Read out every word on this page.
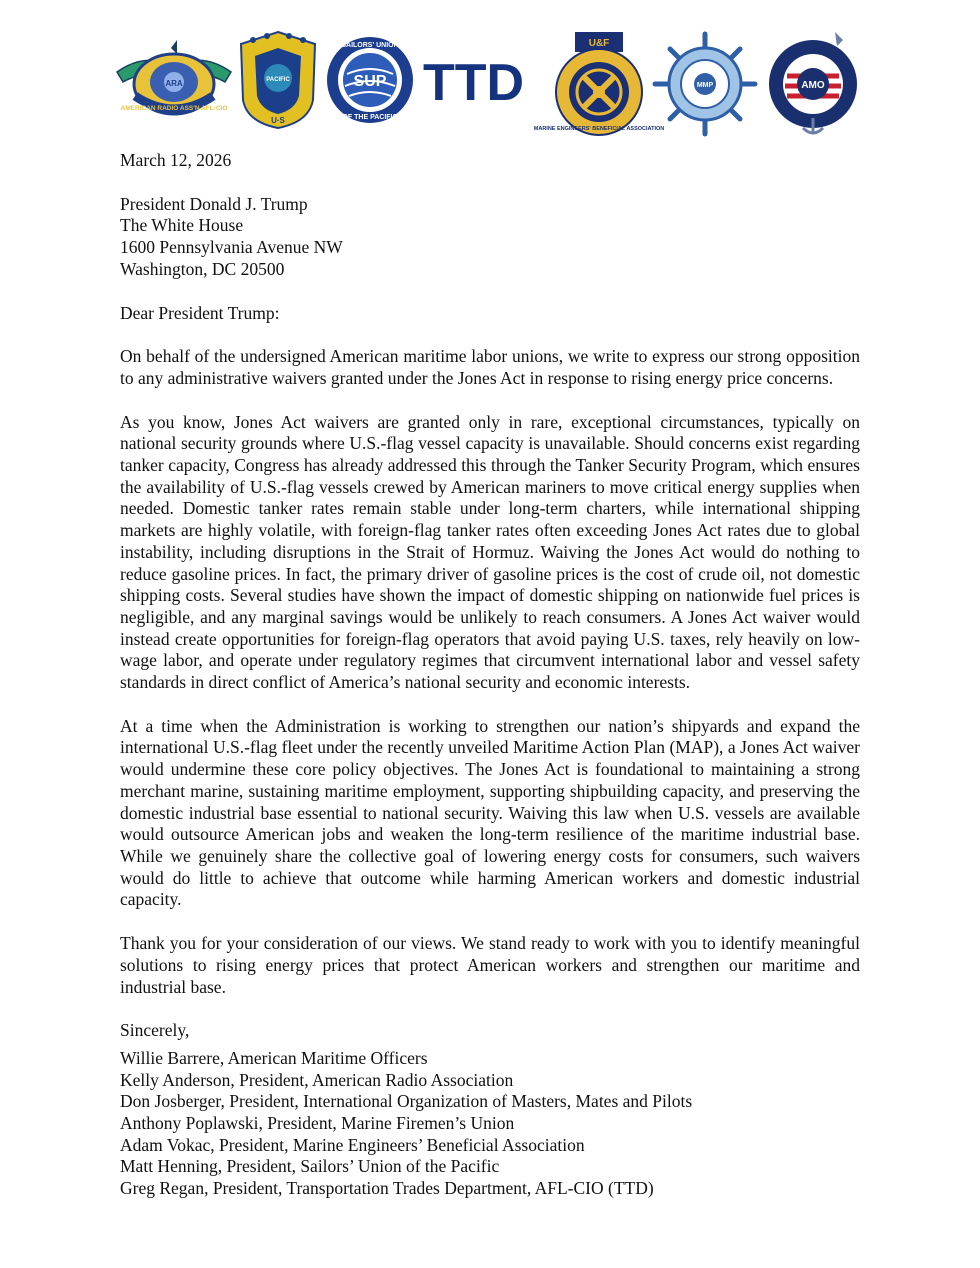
ARA
AMERICAN RADIO ASS'N AFL-CIO
PACIFIC
U·S
SUP
SAILORS' UNION
OF THE PACIFIC
TTD
U&F
MARINE ENGINEERS' BENEFICIAL ASSOCIATION
MMP	AMO

March 12, 2026

President Donald J. Trump

The White House

1600 Pennsylvania Avenue NW

Washington, DC 20500

Dear President Trump:

On behalf of the undersigned American maritime labor unions, we write to express our strong opposition to any administrative waivers granted under the Jones Act in response to rising energy price concerns.

As you know, Jones Act waivers are granted only in rare, exceptional circumstances, typically on national security grounds where U.S.-flag vessel capacity is unavailable. Should concerns exist regarding tanker capacity, Congress has already addressed this through the Tanker Security Program, which ensures the availability of U.S.-flag vessels crewed by American mariners to move critical energy supplies when needed. Domestic tanker rates remain stable under long-term charters, while international shipping markets are highly volatile, with foreign-flag tanker rates often exceeding Jones Act rates due to global instability, including disruptions in the Strait of Hormuz. Waiving the Jones Act would do nothing to reduce gasoline prices. In fact, the primary driver of gasoline prices is the cost of crude oil, not domestic shipping costs. Several studies have shown the impact of domestic shipping on nationwide fuel prices is negligible, and any marginal savings would be unlikely to reach consumers. A Jones Act waiver would instead create opportunities for foreign-flag operators that avoid paying U.S. taxes, rely heavily on low-wage labor, and operate under regulatory regimes that circumvent international labor and vessel safety standards in direct conflict of America’s national security and economic interests.

At a time when the Administration is working to strengthen our nation’s shipyards and expand the international U.S.-flag fleet under the recently unveiled Maritime Action Plan (MAP), a Jones Act waiver would undermine these core policy objectives. The Jones Act is foundational to maintaining a strong merchant marine, sustaining maritime employment, supporting shipbuilding capacity, and preserving the domestic industrial base essential to national security. Waiving this law when U.S. vessels are available would outsource American jobs and weaken the long-term resilience of the maritime industrial base. While we genuinely share the collective goal of lowering energy costs for consumers, such waivers would do little to achieve that outcome while harming American workers and domestic industrial capacity.

Thank you for your consideration of our views. We stand ready to work with you to identify meaningful solutions to rising energy prices that protect American workers and strengthen our maritime and industrial base.

Sincerely,

Willie Barrere, American Maritime Officers

Kelly Anderson, President, American Radio Association

Don Josberger, President, International Organization of Masters, Mates and Pilots

Anthony Poplawski, President, Marine Firemen’s Union

Adam Vokac, President, Marine Engineers’ Beneficial Association

Matt Henning, President, Sailors’ Union of the Pacific

Greg Regan, President, Transportation Trades Department, AFL-CIO (TTD)
